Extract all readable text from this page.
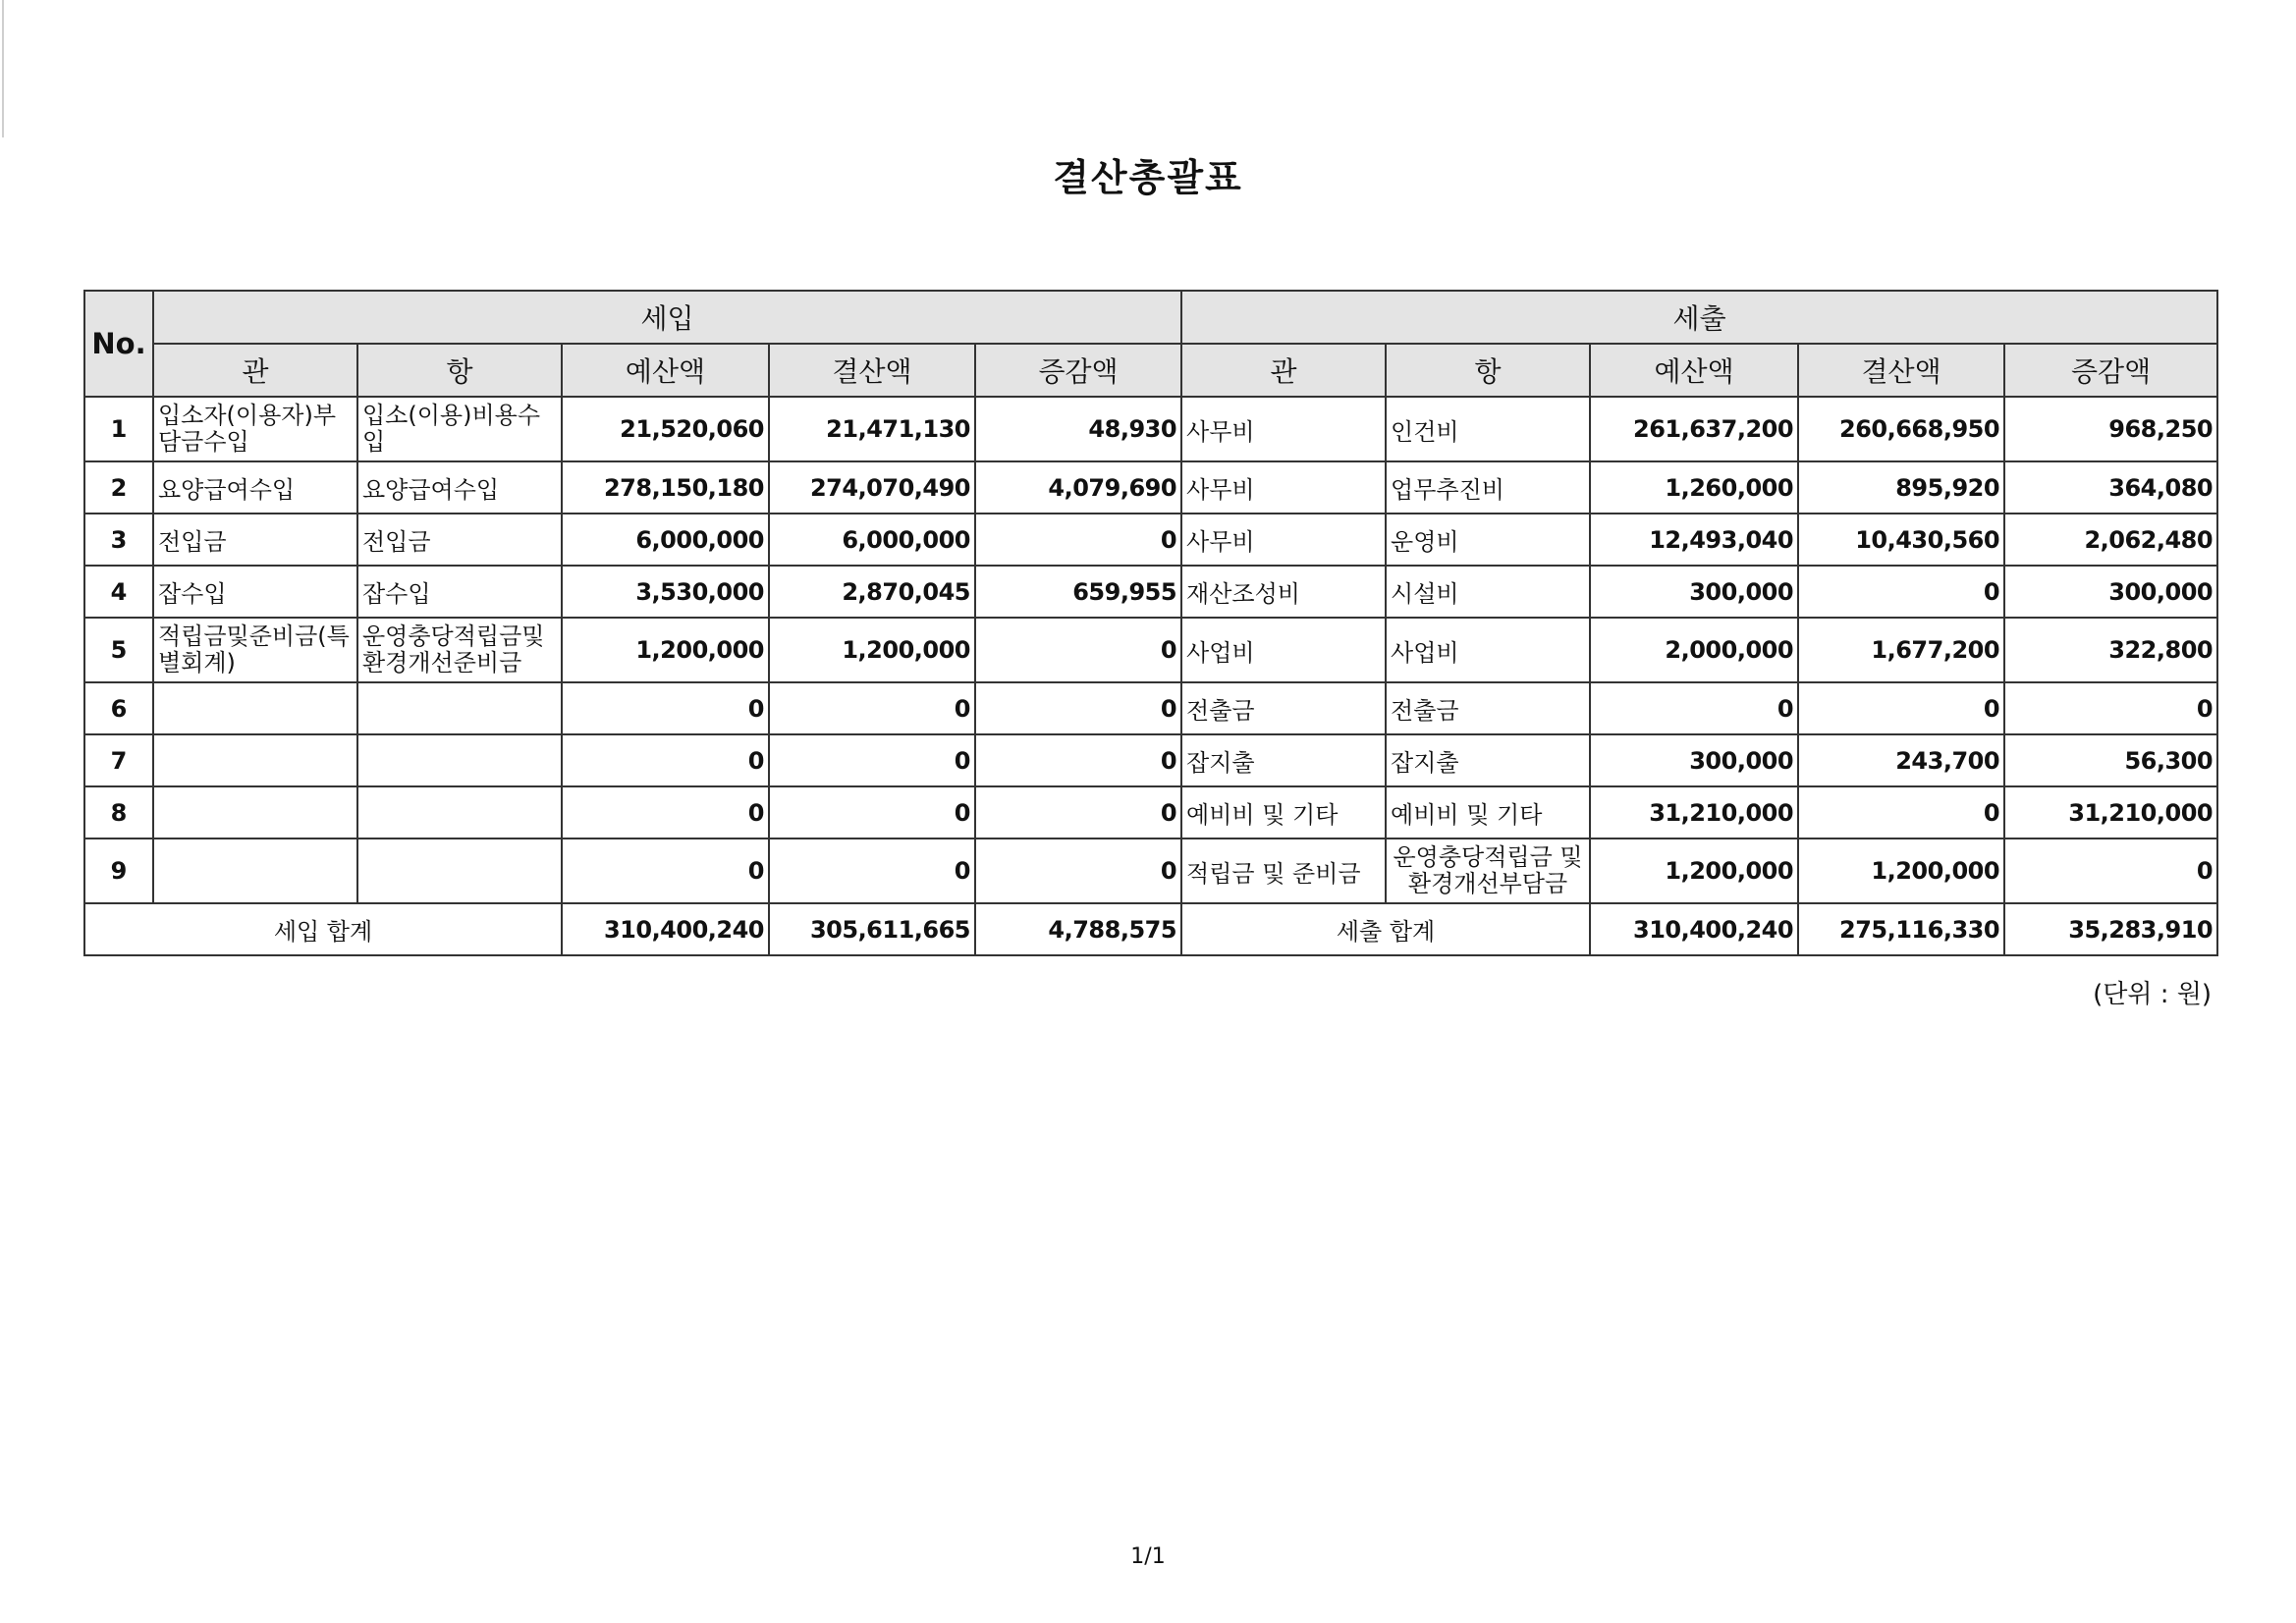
결산총괄표
No.	세입					세출				
	관	항	예산액	결산액	증감액	관	항	예산액	결산액	증감액
1	입소자(이용자)부담금수입	입소(이용)비용수입	21,520,060	21,471,130	48,930	사무비	인건비	261,637,200	260,668,950	968,250
2	요양급여수입	요양급여수입	278,150,180	274,070,490	4,079,690	사무비	업무추진비	1,260,000	895,920	364,080
3	전입금	전입금	6,000,000	6,000,000	0	사무비	운영비	12,493,040	10,430,560	2,062,480
4	잡수입	잡수입	3,530,000	2,870,045	659,955	재산조성비	시설비	300,000	0	300,000
5	적립금및준비금(특별회계)	운영충당적립금및환경개선준비금	1,200,000	1,200,000	0	사업비	사업비	2,000,000	1,677,200	322,800
6			0	0	0	전출금	전출금	0	0	0
7			0	0	0	잡지출	잡지출	300,000	243,700	56,300
8			0	0	0	예비비 및 기타	예비비 및 기타	31,210,000	0	31,210,000
9			0	0	0	적립금 및 준비금	운영충당적립금 및 환경개선부담금	1,200,000	1,200,000	0
세입 합계			310,400,240	305,611,665	4,788,575	세출 합계		310,400,240	275,116,330	35,283,910
(단위 : 원)
1/1
